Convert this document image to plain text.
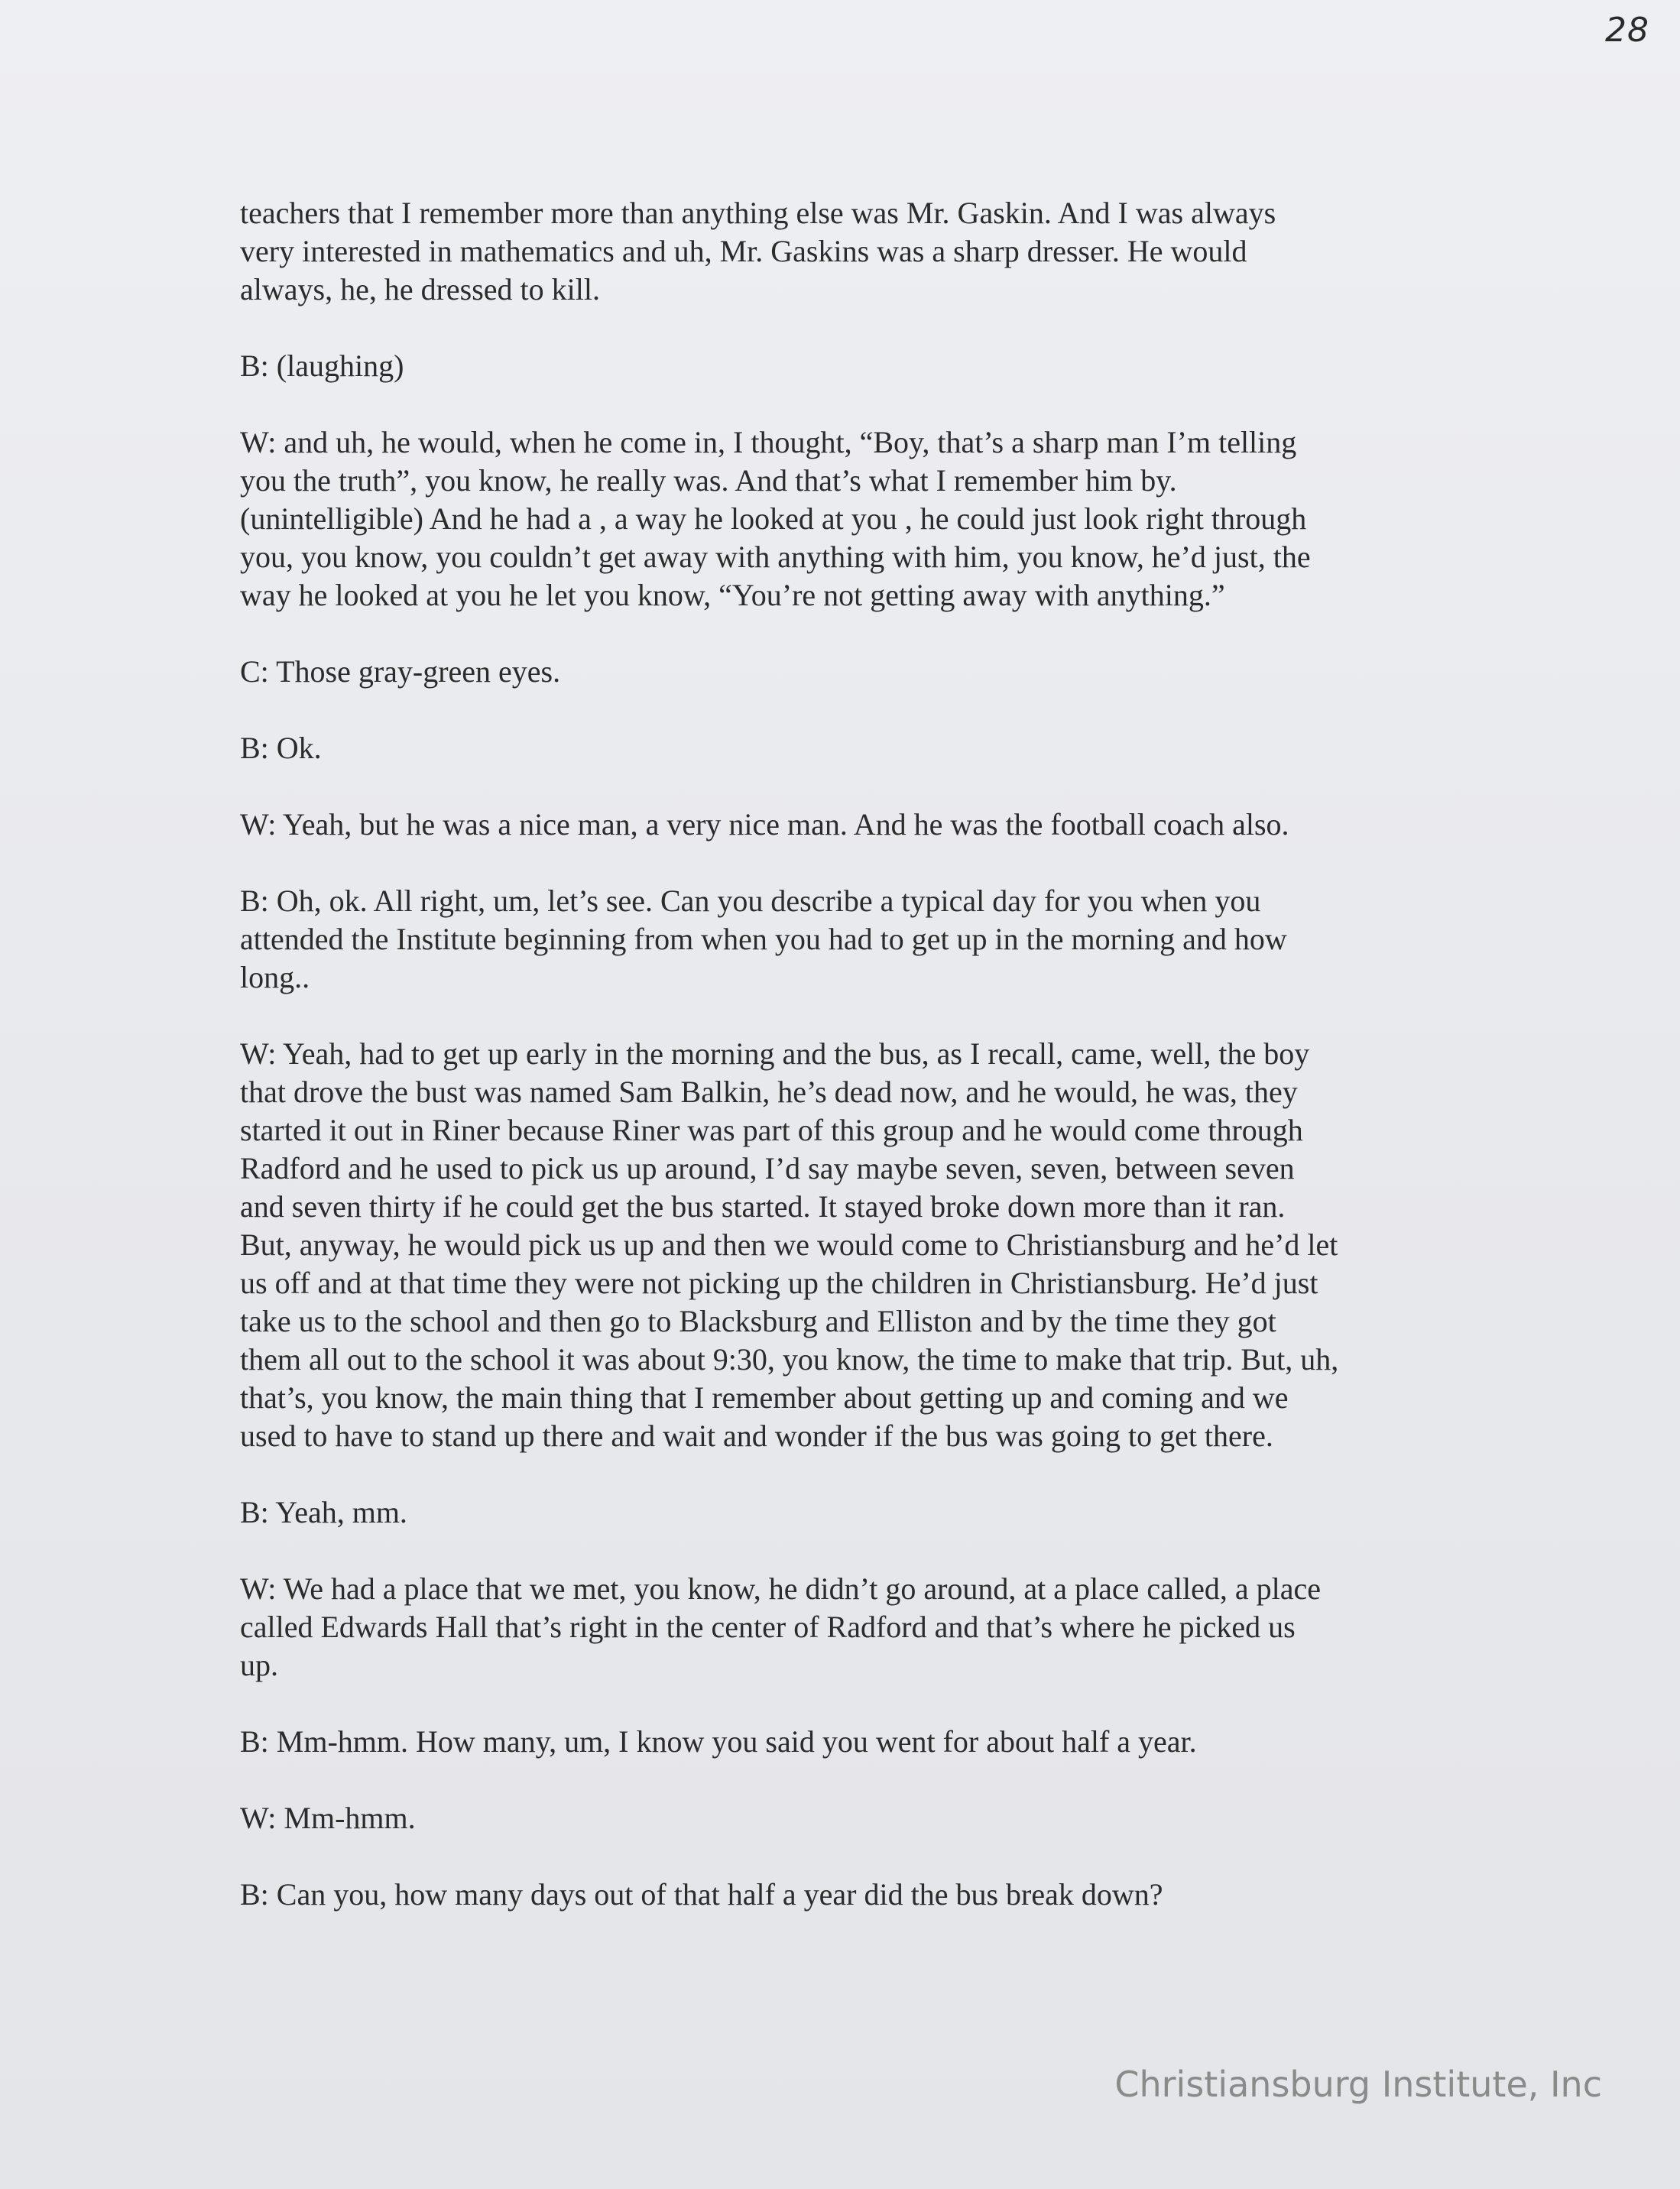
28

teachers that I remember more than anything else was Mr. Gaskin. And I was always
very interested in mathematics and uh, Mr. Gaskins was a sharp dresser. He would
always, he, he dressed to kill.

B: (laughing)

W: and uh, he would, when he come in, I thought, “Boy, that’s a sharp man I’m telling
you the truth”, you know, he really was. And that’s what I remember him by.
(unintelligible) And he had a , a way he looked at you , he could just look right through
you, you know, you couldn’t get away with anything with him, you know, he’d just, the
way he looked at you he let you know, “You’re not getting away with anything.”

C: Those gray-green eyes.

B: Ok.

W: Yeah, but he was a nice man, a very nice man. And he was the football coach also.

B: Oh, ok. All right, um, let’s see. Can you describe a typical day for you when you
attended the Institute beginning from when you had to get up in the morning and how
long..

W: Yeah, had to get up early in the morning and the bus, as I recall, came, well, the boy
that drove the bust was named Sam Balkin, he’s dead now, and he would, he was, they
started it out in Riner because Riner was part of this group and he would come through
Radford and he used to pick us up around, I’d say maybe seven, seven, between seven
and seven thirty if he could get the bus started. It stayed broke down more than it ran.
But, anyway, he would pick us up and then we would come to Christiansburg and he’d let
us off and at that time they were not picking up the children in Christiansburg. He’d just
take us to the school and then go to Blacksburg and Elliston and by the time they got
them all out to the school it was about 9:30, you know, the time to make that trip. But, uh,
that’s, you know, the main thing that I remember about getting up and coming and we
used to have to stand up there and wait and wonder if the bus was going to get there.

B: Yeah, mm.

W: We had a place that we met, you know, he didn’t go around, at a place called, a place
called Edwards Hall that’s right in the center of Radford and that’s where he picked us
up.

B: Mm-hmm. How many, um, I know you said you went for about half a year.

W: Mm-hmm.

B: Can you, how many days out of that half a year did the bus break down?

Christiansburg Institute, Inc
